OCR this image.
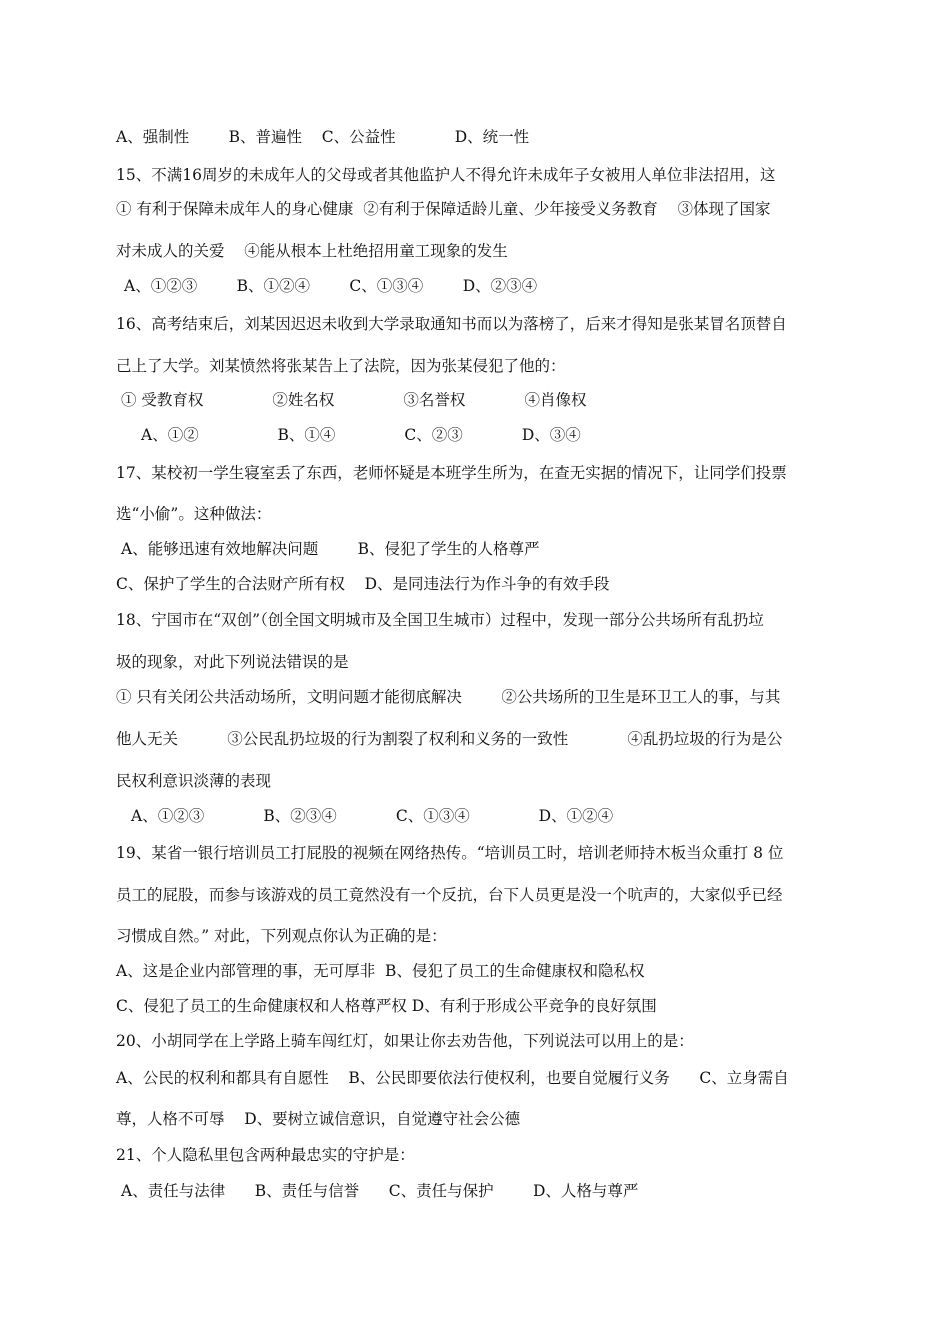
A、强制性        B、普遍性    C、公益性            D、统一性
15、不满16周岁的未成年人的父母或者其他监护人不得允许未成年子女被用人单位非法招用，这
① 有利于保障未成年人的身心健康  ②有利于保障适龄儿童、少年接受义务教育    ③体现了国家
对未成人的关爱    ④能从根本上杜绝招用童工现象的发生
A、①②③        B、①②④        C、①③④        D、②③④
16、高考结束后，刘某因迟迟未收到大学录取通知书而以为落榜了，后来才得知是张某冒名顶替自
己上了大学。刘某愤然将张某告上了法院，因为张某侵犯了他的：
① 受教育权              ②姓名权              ③名誉权            ④肖像权
A、①②                B、①④              C、②③            D、③④
17、某校初一学生寝室丢了东西，老师怀疑是本班学生所为，在查无实据的情况下，让同学们投票
选“小偷”。这种做法：
A、能够迅速有效地解决问题        B、侵犯了学生的人格尊严
C、保护了学生的合法财产所有权    D、是同违法行为作斗争的有效手段
18、宁国市在“双创”（创全国文明城市及全国卫生城市）过程中，发现一部分公共场所有乱扔垃
圾的现象，对此下列说法错误的是
① 只有关闭公共活动场所，文明问题才能彻底解决        ②公共场所的卫生是环卫工人的事，与其
他人无关          ③公民乱扔垃圾的行为割裂了权利和义务的一致性            ④乱扔垃圾的行为是公
民权利意识淡薄的表现
A、①②③            B、②③④            C、①③④              D、①②④
19、某省一银行培训员工打屁股的视频在网络热传。“培训员工时，培训老师持木板当众重打 8 位
员工的屁股，而参与该游戏的员工竟然没有一个反抗，台下人员更是没一个吭声的，大家似乎已经
习惯成自然。” 对此，下列观点你认为正确的是：
A、这是企业内部管理的事，无可厚非  B、侵犯了员工的生命健康权和隐私权
C、侵犯了员工的生命健康权和人格尊严权 D、有利于形成公平竞争的良好氛围
20、小胡同学在上学路上骑车闯红灯，如果让你去劝告他，下列说法可以用上的是：
A、公民的权利和都具有自愿性    B、公民即要依法行使权利，也要自觉履行义务      C、立身需自
尊，人格不可辱    D、要树立诚信意识，自觉遵守社会公德
21、个人隐私里包含两种最忠实的守护是：
A、责任与法律      B、责任与信誉      C、责任与保护        D、人格与尊严
